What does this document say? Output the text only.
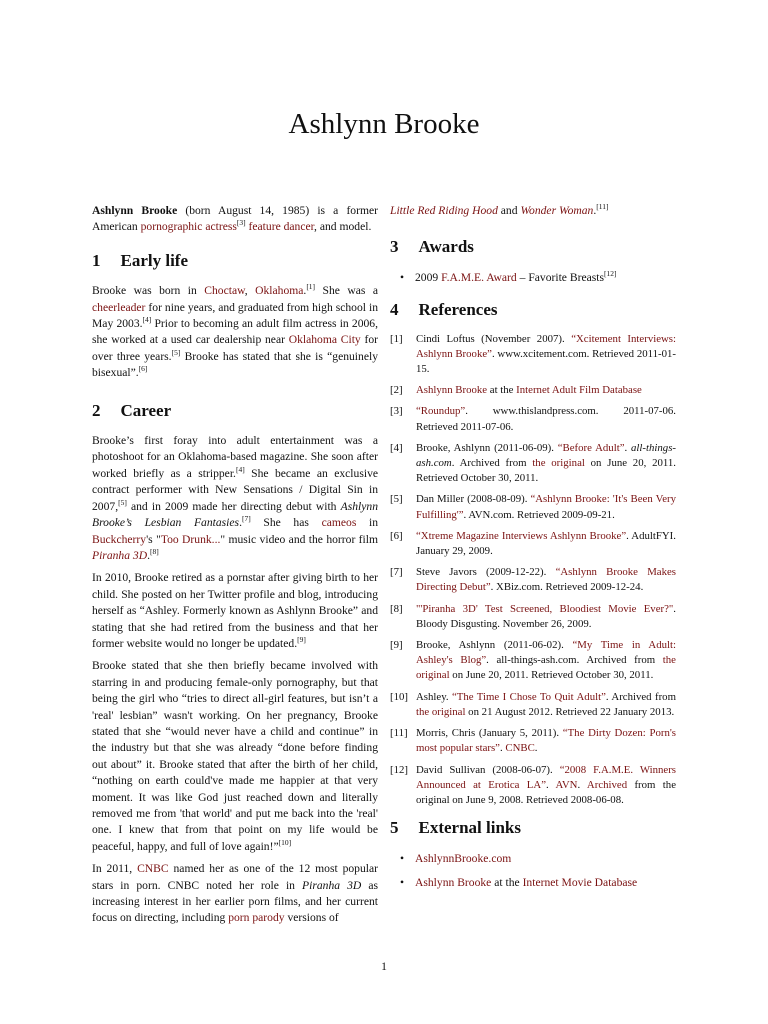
Ashlynn Brooke

Ashlynn Brooke (born August 14, 1985) is a former American pornographic actress[3] feature dancer, and model.

1 Early life

Brooke was born in Choctaw, Oklahoma.[1] She was a cheerleader for nine years, and graduated from high school in May 2003.[4] Prior to becoming an adult film actress in 2006, she worked at a used car dealership near Oklahoma City for over three years.[5] Brooke has stated that she is “genuinely bisexual”.[6]

2 Career

Brooke’s first foray into adult entertainment was a photoshoot for an Oklahoma-based magazine. She soon after worked briefly as a stripper.[4] She became an exclusive contract performer with New Sensations / Digital Sin in 2007,[5] and in 2009 made her directing debut with Ashlynn Brooke’s Lesbian Fantasies.[7] She has cameos in Buckcherry's "Too Drunk..." music video and the horror film Piranha 3D.[8]

In 2010, Brooke retired as a pornstar after giving birth to her child. She posted on her Twitter profile and blog, introducing herself as “Ashley. Formerly known as Ashlynn Brooke” and stating that she had retired from the business and that her former website would no longer be updated.[9]

Brooke stated that she then briefly became involved with starring in and producing female-only pornography, but that being the girl who “tries to direct all-girl features, but isn’t a 'real' lesbian” wasn't working. On her pregnancy, Brooke stated that she “would never have a child and continue” in the industry but that she was already “done before finding out about” it. Brooke stated that after the birth of her child, “nothing on earth could've made me happier at that very moment. It was like God just reached down and literally removed me from 'that world' and put me back into the 'real' one. I knew that from that point on my life would be peaceful, happy, and full of love again!”[10]

In 2011, CNBC named her as one of the 12 most popular stars in porn. CNBC noted her role in Piranha 3D as increasing interest in her earlier porn films, and her current focus on directing, including porn parody versions of

Little Red Riding Hood and Wonder Woman.[11]

3 Awards
• 2009 F.A.M.E. Award – Favorite Breasts[12]
4 References
[1]	Cindi Loftus (November 2007). “Xcitement Interviews: Ashlynn Brooke”. www.xcitement.com. Retrieved 2011-01-15.
[2]	Ashlynn Brooke at the Internet Adult Film Database
[3]	“Roundup”. www.thislandpress.com. 2011-07-06. Retrieved 2011-07-06.
[4]	Brooke, Ashlynn (2011-06-09). “Before Adult”. all-things-ash.com. Archived from the original on June 20, 2011. Retrieved October 30, 2011.
[5]	Dan Miller (2008-08-09). “Ashlynn Brooke: 'It's Been Very Fulfilling'”. AVN.com. Retrieved 2009-09-21.
[6]	“Xtreme Magazine Interviews Ashlynn Brooke”. AdultFYI. January 29, 2009.
[7]	Steve Javors (2009-12-22). “Ashlynn Brooke Makes Directing Debut”. XBiz.com. Retrieved 2009-12-24.
[8]	"'Piranha 3D' Test Screened, Bloodiest Movie Ever?". Bloody Disgusting. November 26, 2009.
[9]	Brooke, Ashlynn (2011-06-02). “My Time in Adult: Ashley's Blog”. all-things-ash.com. Archived from the original on June 20, 2011. Retrieved October 30, 2011.
[10] Ashley. “The Time I Chose To Quit Adult”. Archived from the original on 21 August 2012. Retrieved 22 January 2013.
[11] Morris, Chris (January 5, 2011). “The Dirty Dozen: Porn's most popular stars”. CNBC.
[12] David Sullivan (2008-06-07). “2008 F.A.M.E. Winners Announced at Erotica LA”. AVN. Archived from the original on June 9, 2008. Retrieved 2008-06-08.
5 External links
• AshlynnBrooke.com
• Ashlynn Brooke at the Internet Movie Database
1
